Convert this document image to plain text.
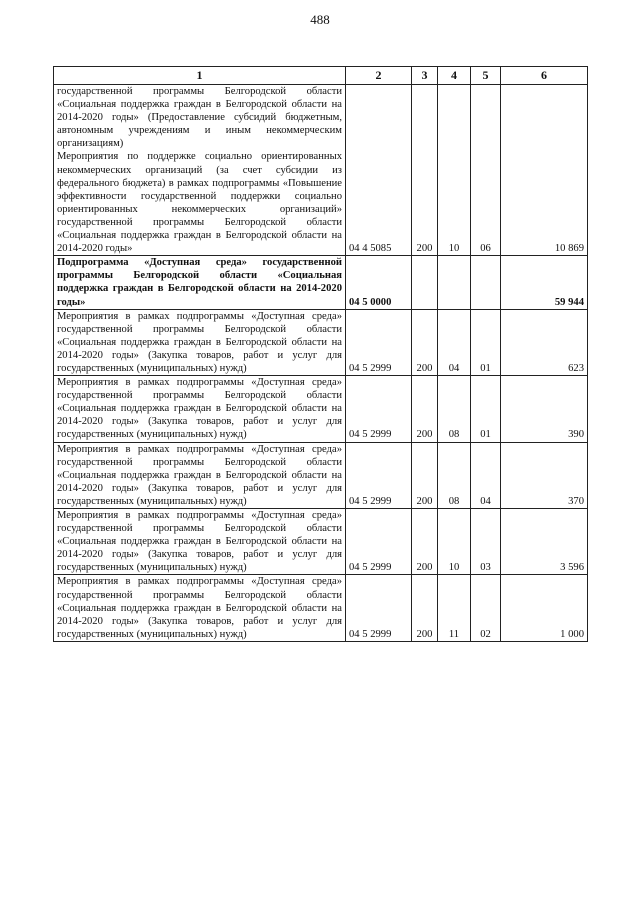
488
1	2	3	4	5	6
государственной программы Белгородской области «Социальная поддержка граждан в Белгородской области на 2014-2020 годы» (Предоставление субсидий бюджетным, автономным учреждениям и иным некоммерческим организациям)
Мероприятия по поддержке социально ориентированных некоммерческих организаций (за счет субсидии из федерального бюджета) в рамках подпрограммы «Повышение эффективности государственной поддержки социально ориентированных некоммерческих организаций» государственной программы Белгородской области «Социальная поддержка граждан в Белгородской области на 2014-2020 годы»	04 4 5085	200	10	06	10 869
Подпрограмма «Доступная среда» государственной программы Белгородской области «Социальная поддержка граждан в Белгородской области на 2014-2020 годы»	04 5 0000				59 944
Мероприятия в рамках подпрограммы «Доступная среда» государственной программы Белгородской области «Социальная поддержка граждан в Белгородской области на 2014-2020 годы» (Закупка товаров, работ и услуг для государственных (муниципальных) нужд)	04 5 2999	200	04	01	623
Мероприятия в рамках подпрограммы «Доступная среда» государственной программы Белгородской области «Социальная поддержка граждан в Белгородской области на 2014-2020 годы» (Закупка товаров, работ и услуг для государственных (муниципальных) нужд)	04 5 2999	200	08	01	390
Мероприятия в рамках подпрограммы «Доступная среда» государственной программы Белгородской области «Социальная поддержка граждан в Белгородской области на 2014-2020 годы» (Закупка товаров, работ и услуг для государственных (муниципальных) нужд)	04 5 2999	200	08	04	370
Мероприятия в рамках подпрограммы «Доступная среда» государственной программы Белгородской области «Социальная поддержка граждан в Белгородской области на 2014-2020 годы» (Закупка товаров, работ и услуг для государственных (муниципальных) нужд)	04 5 2999	200	10	03	3 596
Мероприятия в рамках подпрограммы «Доступная среда» государственной программы Белгородской области «Социальная поддержка граждан в Белгородской области на 2014-2020 годы» (Закупка товаров, работ и услуг для государственных (муниципальных) нужд)	04 5 2999	200	11	02	1 000
